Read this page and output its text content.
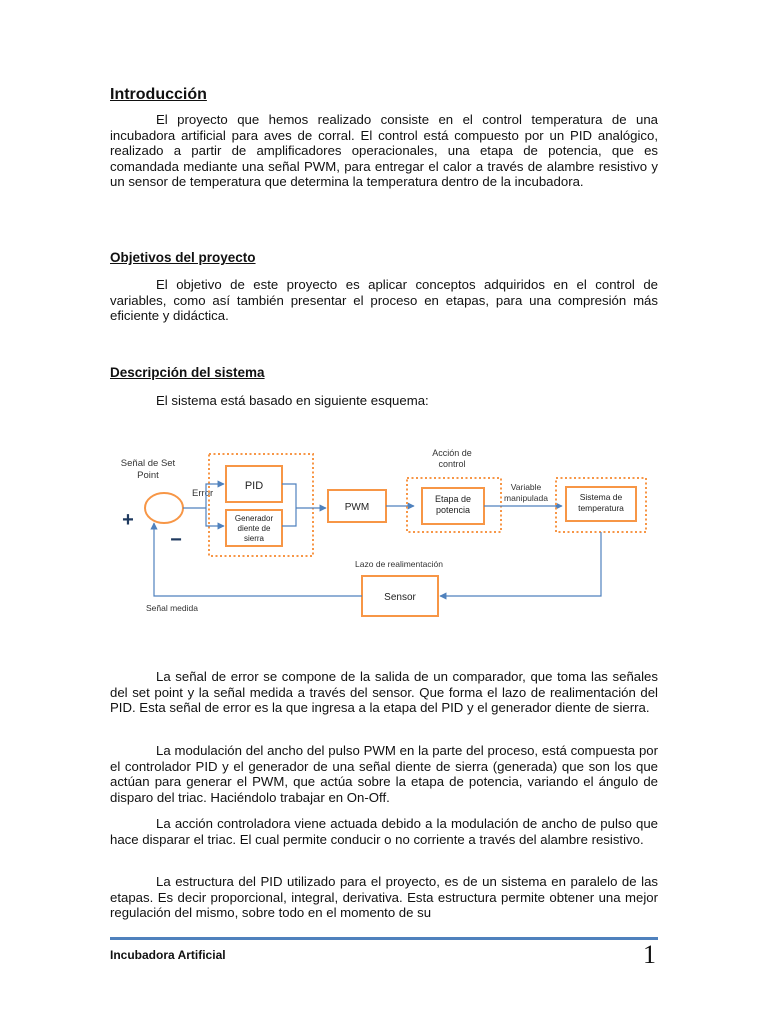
Introducción

El proyecto que hemos realizado consiste en el control temperatura de una incubadora artificial para aves de corral. El control está compuesto por un PID analógico, realizado a partir de amplificadores operacionales, una etapa de potencia, que es comandada mediante una señal PWM, para entregar el calor a través de alambre resistivo y un sensor de temperatura que determina la temperatura dentro de la incubadora.

Objetivos del proyecto

El objetivo de este proyecto es aplicar conceptos adquiridos en el control de variables, como así también presentar el proceso en etapas, para una compresión más eficiente y didáctica.

Descripción del sistema

El sistema está basado en siguiente esquema:

Señal de Set
Point
+
−
Error
PID
Generador
diente de
sierra
PWM
Acción de
control
Etapa de
potencia
Variable
manipulada	Sistema de
temperatura
Lazo de realimentación
Sensor
Señal medida

La señal de error se compone de la salida de un comparador, que toma las señales del set point y la señal medida a través del sensor. Que forma el lazo de realimentación del PID. Esta señal de error es la que ingresa a la etapa del PID y el generador diente de sierra.

La modulación del ancho del pulso PWM en la parte del proceso, está compuesta por el controlador PID y el generador de una señal diente de sierra (generada) que son los que actúan para generar el PWM, que actúa sobre la etapa de potencia, variando el ángulo de disparo del triac. Haciéndolo trabajar en On-Off.

La acción controladora viene actuada debido a la modulación de ancho de pulso que hace disparar el triac. El cual permite conducir o no corriente a través del alambre resistivo.

La estructura del PID utilizado para el proyecto, es de un sistema en paralelo de las etapas. Es decir proporcional, integral, derivativa. Esta estructura permite obtener una mejor regulación del mismo, sobre todo en el momento de su

Incubadora Artificial	1
